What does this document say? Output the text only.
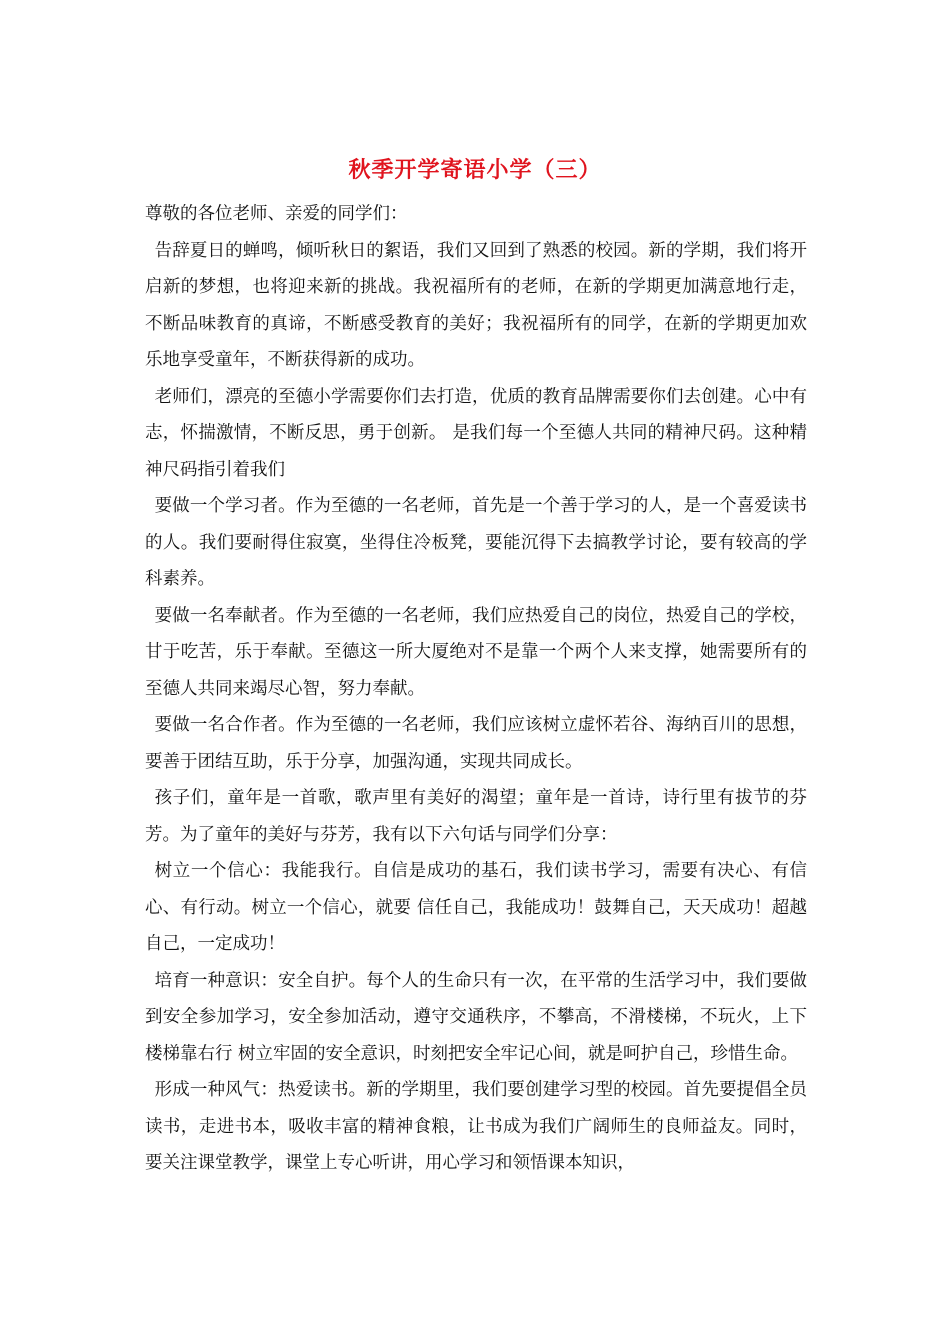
秋季开学寄语小学（三）

尊敬的各位老师、亲爱的同学们：

告辞夏日的蝉鸣，倾听秋日的絮语，我们又回到了熟悉的校园。新的学期，我们将开启新的梦想，也将迎来新的挑战。我祝福所有的老师，在新的学期更加满意地行走，不断品味教育的真谛，不断感受教育的美好；我祝福所有的同学，在新的学期更加欢乐地享受童年，不断获得新的成功。

老师们，漂亮的至德小学需要你们去打造，优质的教育品牌需要你们去创建。心中有志，怀揣激情，不断反思，勇于创新。 是我们每一个至德人共同的精神尺码。这种精神尺码指引着我们

要做一个学习者。作为至德的一名老师，首先是一个善于学习的人，是一个喜爱读书的人。我们要耐得住寂寞，坐得住冷板凳，要能沉得下去搞教学讨论，要有较高的学科素养。

要做一名奉献者。作为至德的一名老师，我们应热爱自己的岗位，热爱自己的学校，甘于吃苦，乐于奉献。至德这一所大厦绝对不是靠一个两个人来支撑，她需要所有的至德人共同来竭尽心智，努力奉献。

要做一名合作者。作为至德的一名老师，我们应该树立虚怀若谷、海纳百川的思想，要善于团结互助，乐于分享，加强沟通，实现共同成长。

孩子们，童年是一首歌，歌声里有美好的渴望；童年是一首诗，诗行里有拔节的芬芳。为了童年的美好与芬芳，我有以下六句话与同学们分享：

树立一个信心：我能我行。自信是成功的基石，我们读书学习，需要有决心、有信心、有行动。树立一个信心，就要 信任自己，我能成功！鼓舞自己，天天成功！超越自己，一定成功！

培育一种意识：安全自护。每个人的生命只有一次，在平常的生活学习中，我们要做到安全参加学习，安全参加活动，遵守交通秩序，不攀高，不滑楼梯，不玩火，上下楼梯靠右行 树立牢固的安全意识，时刻把安全牢记心间，就是呵护自己，珍惜生命。

形成一种风气：热爱读书。新的学期里，我们要创建学习型的校园。首先要提倡全员读书，走进书本，吸收丰富的精神食粮，让书成为我们广阔师生的良师益友。同时，要关注课堂教学，课堂上专心听讲，用心学习和领悟课本知识，
